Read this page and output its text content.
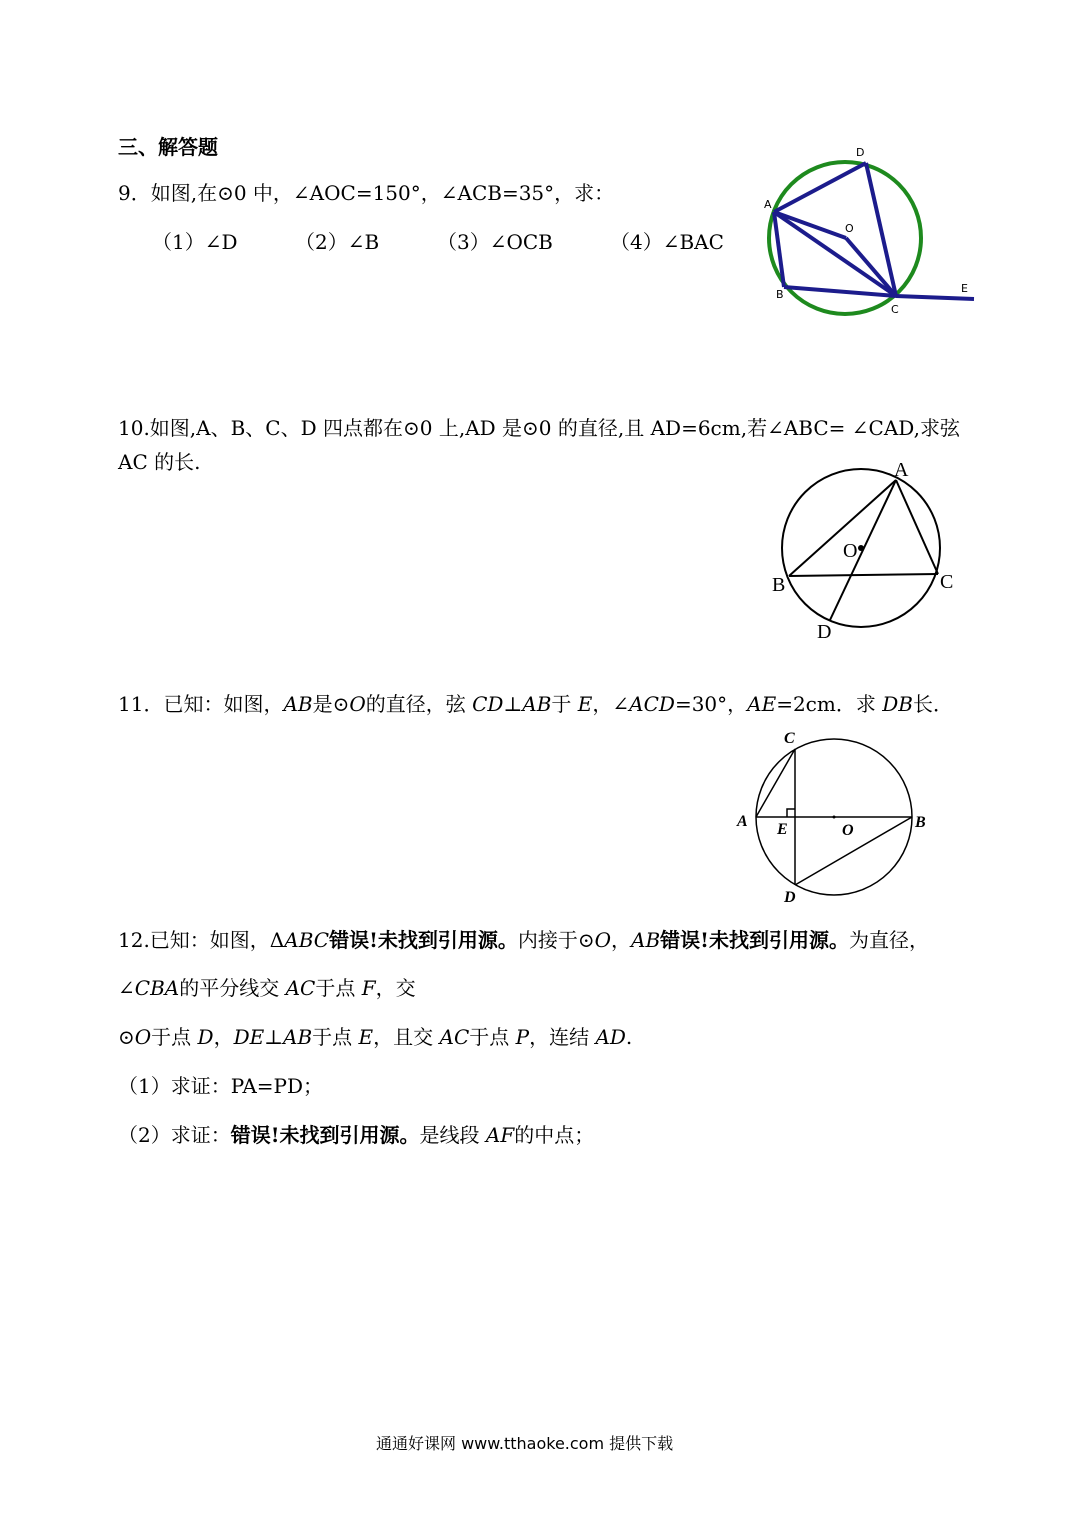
三、解答题
9．如图,在⊙0 中，∠AOC=150°，∠ACB=35°，求：
（1）∠D	（2）∠B	（3）∠OCB	（4）∠BAC
D
A
O
B
C
E
10.如图,A、B、C、D 四点都在⊙0 上,AD 是⊙0 的直径,且 AD=6cm,若∠ABC= ∠CAD,求弦
AC 的长.	A
O
B	C
D
11．已知：如图，AB是⊙O的直径，弦 CD⊥AB于 E，∠ACD=30°，AE=2cm．求 DB长．
C
A E	O	B
D
12.已知：如图，ΔABC错误!未找到引用源。内接于⊙O，AB错误!未找到引用源。为直径，
∠CBA的平分线交 AC于点 F，交
⊙O于点 D，DE⊥AB于点 E，且交 AC于点 P，连结 AD.
（1）求证：PA=PD；
（2）求证：错误!未找到引用源。是线段 AF的中点；
通通好课网 www.tthaoke.com 提供下载
